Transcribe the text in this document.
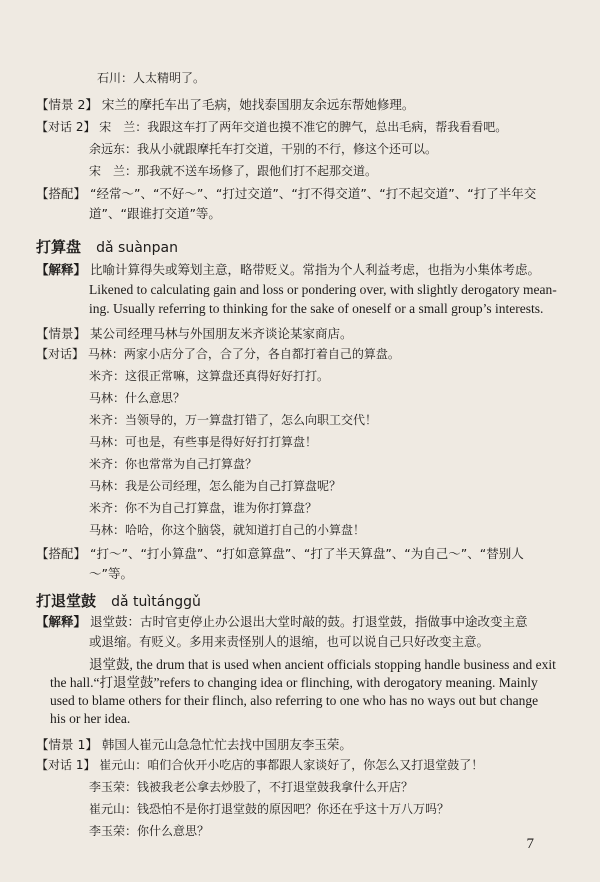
石川：人太精明了。
【情景 2】 宋兰的摩托车出了毛病，她找泰国朋友余远东帮她修理。
【对话 2】 宋　兰：我跟这车打了两年交道也摸不准它的脾气，总出毛病，帮我看看吧。
余远东：我从小就跟摩托车打交道，干别的不行，修这个还可以。
宋　兰：那我就不送车场修了，跟他们打不起那交道。
【搭配】 “经常～”、“不好～”、“打过交道”、“打不得交道”、“打不起交道”、“打了半年交
道”、“跟谁打交道”等。
打算盘 dǎ suànpan
【解释】 比喻计算得失或筹划主意，略带贬义。常指为个人利益考虑，也指为小集体考虑。
Likened to calculating gain and loss or pondering over, with slightly derogatory mean-
ing. Usually referring to thinking for the sake of oneself or a small group’s interests.
【情景】 某公司经理马林与外国朋友米齐谈论某家商店。
【对话】 马林：两家小店分了合，合了分，各自都打着自己的算盘。
米齐：这很正常嘛，这算盘还真得好好打打。
马林：什么意思？
米齐：当领导的，万一算盘打错了，怎么向职工交代！
马林：可也是，有些事是得好好打打算盘！
米齐：你也常常为自己打算盘？
马林：我是公司经理，怎么能为自己打算盘呢？
米齐：你不为自己打算盘，谁为你打算盘？
马林：哈哈，你这个脑袋，就知道打自己的小算盘！
【搭配】 “打～”、“打小算盘”、“打如意算盘”、“打了半天算盘”、“为自己～”、“替别人
～”等。
打退堂鼓 dǎ tuìtánggǔ
【解释】 退堂鼓：古时官吏停止办公退出大堂时敲的鼓。打退堂鼓，指做事中途改变主意
或退缩。有贬义。多用来责怪别人的退缩，也可以说自己只好改变主意。
退堂鼓, the drum that is used when ancient officials stopping handle business and exit
the hall.“打退堂鼓”refers to changing idea or flinching, with derogatory meaning. Mainly
used to blame others for their flinch, also referring to one who has no ways out but change
his or her idea.
【情景 1】 韩国人崔元山急急忙忙去找中国朋友李玉荣。
【对话 1】 崔元山：咱们合伙开小吃店的事都跟人家谈好了，你怎么又打退堂鼓了！
李玉荣：钱被我老公拿去炒股了，不打退堂鼓我拿什么开店？
崔元山：钱恐怕不是你打退堂鼓的原因吧？你还在乎这十万八万吗？
李玉荣：你什么意思？
7
